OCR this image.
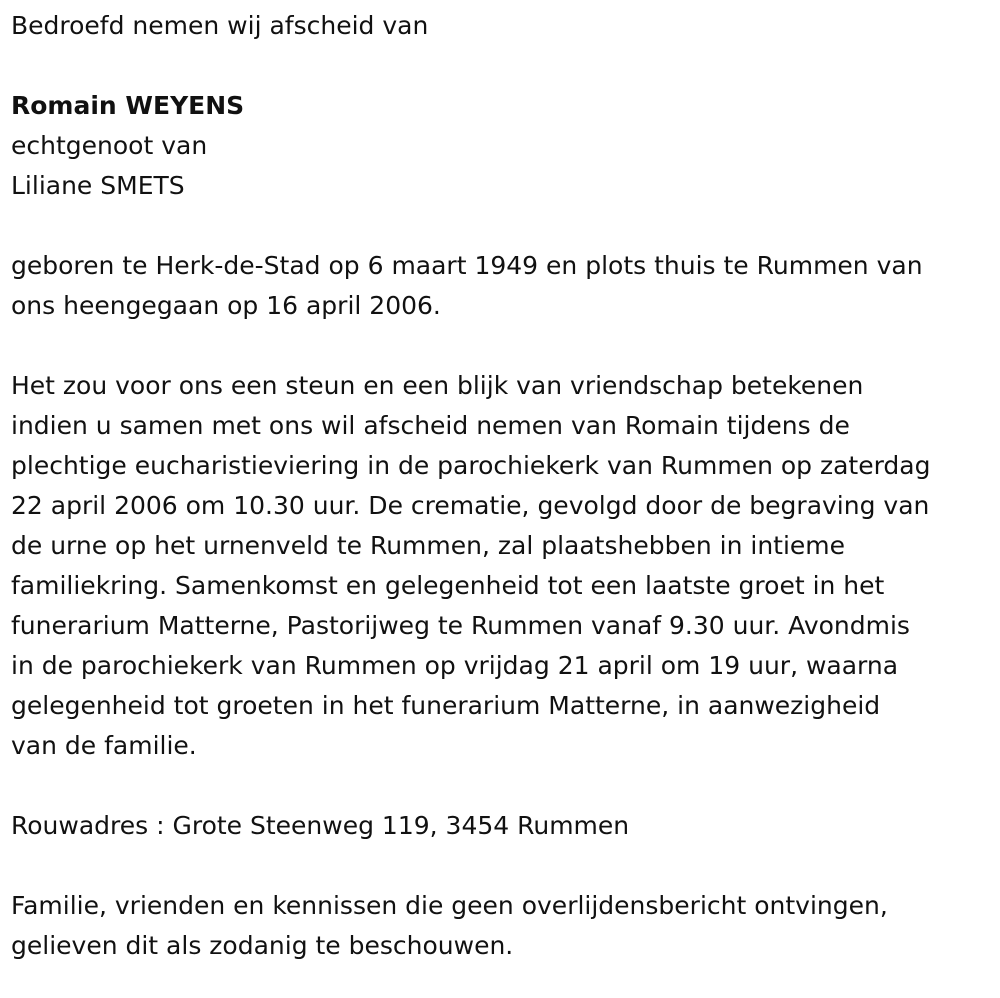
Bedroefd nemen wij afscheid van

Romain WEYENS

echtgenoot van

Liliane SMETS

geboren te Herk-de-Stad op 6 maart 1949 en plots thuis te Rummen van

ons heengegaan op 16 april 2006.

Het zou voor ons een steun en een blijk van vriendschap betekenen

indien u samen met ons wil afscheid nemen van Romain tijdens de

plechtige eucharistieviering in de parochiekerk van Rummen op zaterdag

22 april 2006 om 10.30 uur. De crematie, gevolgd door de begraving van

de urne op het urnenveld te Rummen, zal plaatshebben in intieme

familiekring. Samenkomst en gelegenheid tot een laatste groet in het

funerarium Matterne, Pastorijweg te Rummen vanaf 9.30 uur. Avondmis

in de parochiekerk van Rummen op vrijdag 21 april om 19 uur, waarna

gelegenheid tot groeten in het funerarium Matterne, in aanwezigheid

van de familie.

Rouwadres : Grote Steenweg 119, 3454 Rummen

Familie, vrienden en kennissen die geen overlijdensbericht ontvingen,

gelieven dit als zodanig te beschouwen.
